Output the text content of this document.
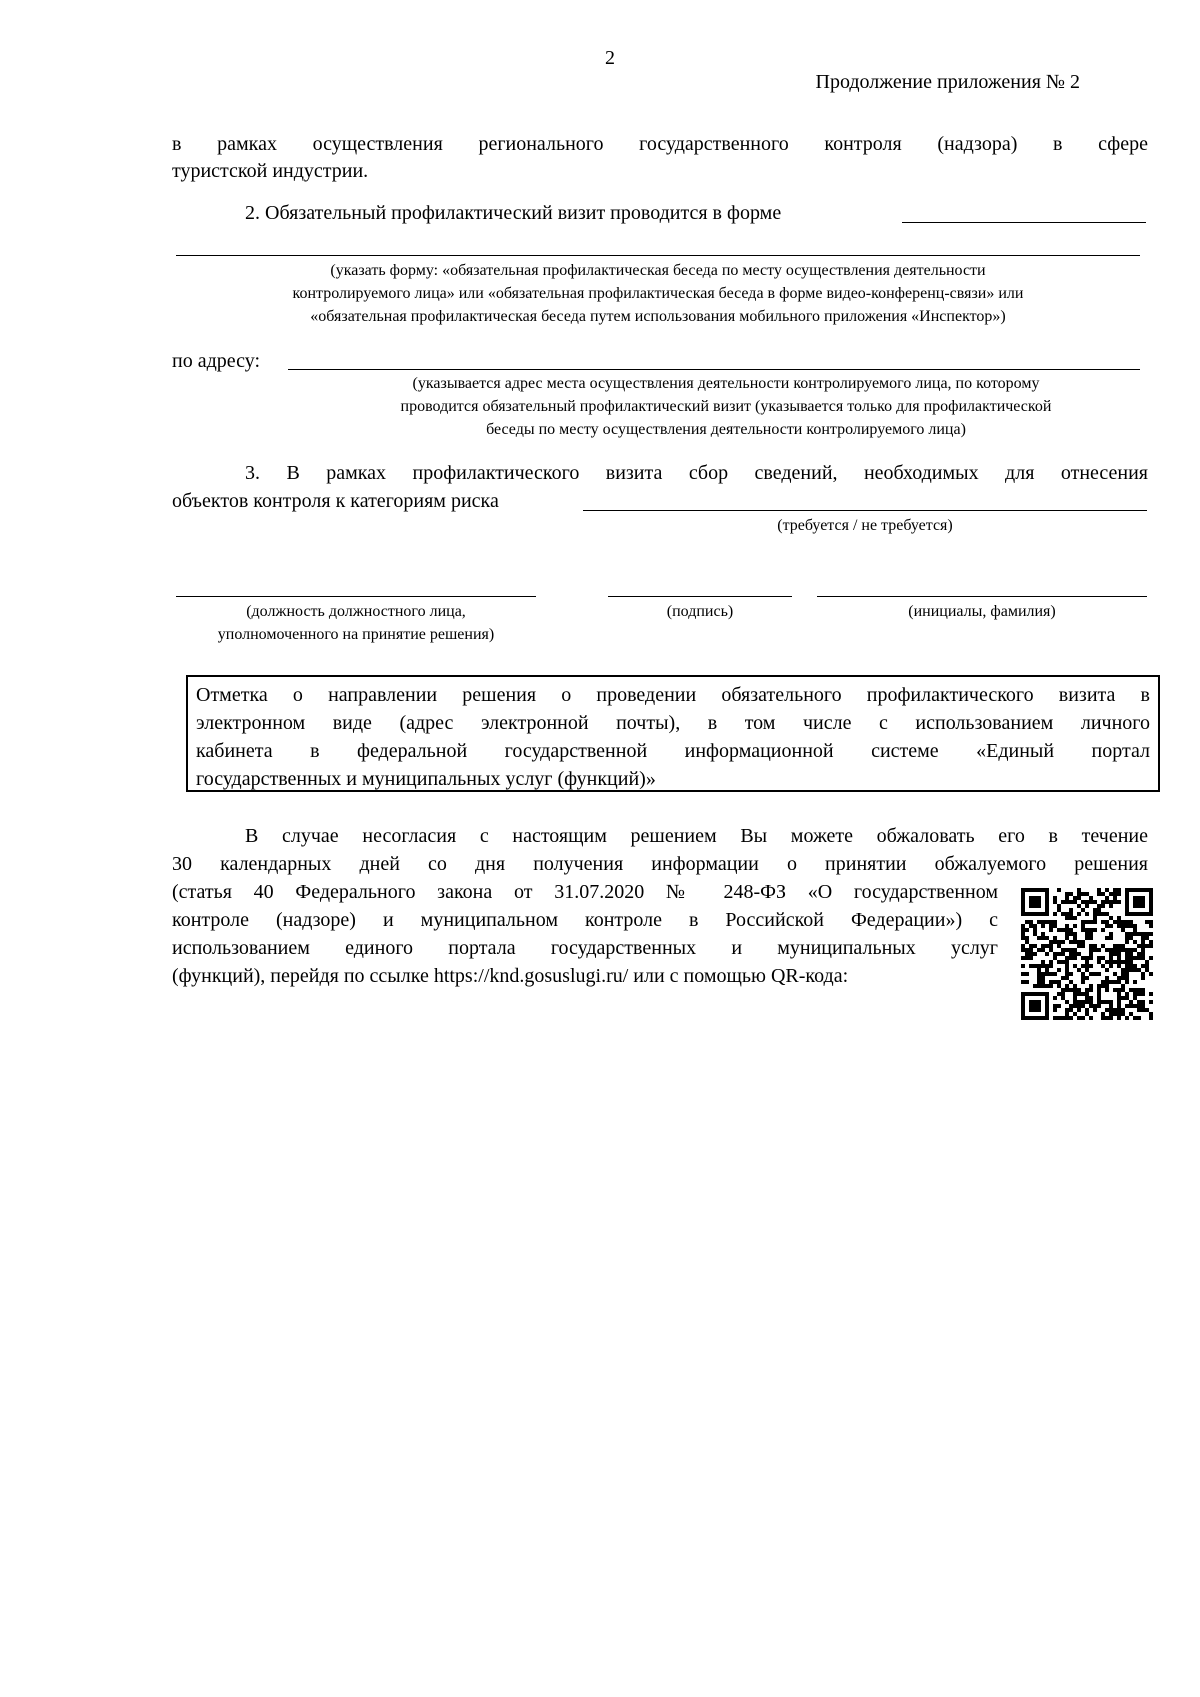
2
Продолжение приложения № 2
в рамках осуществления регионального государственного контроля (надзора) в сфере
туристской индустрии.
2. Обязательный профилактический визит проводится в форме
(указать форму: «обязательная профилактическая беседа по месту осуществления деятельности
контролируемого лица» или «обязательная профилактическая беседа в форме видео-конференц-связи» или
«обязательная профилактическая беседа путем использования мобильного приложения «Инспектор»)
по адресу:
(указывается адрес места осуществления деятельности контролируемого лица, по которому
проводится обязательный профилактический визит (указывается только для профилактической
беседы по месту осуществления деятельности контролируемого лица)
3. В рамках профилактического визита сбор сведений, необходимых для отнесения
объектов контроля к категориям риска
(требуется / не требуется)
(должность должностного лица,
уполномоченного на принятие решения)
(подпись)	(инициалы, фамилия)
Отметка о направлении решения о проведении обязательного профилактического визита в
электронном виде (адрес электронной почты), в том числе с использованием личного
кабинета в федеральной государственной информационной системе «Единый портал
государственных и муниципальных услуг (функций)»
В случае несогласия с настоящим решением Вы можете обжаловать его в течение
30 календарных дней со дня получения информации о принятии обжалуемого решения
(статья 40 Федерального закона от 31.07.2020 № 248-ФЗ «О государственном
контроле (надзоре) и муниципальном контроле в Российской Федерации») с
использованием единого портала государственных и муниципальных услуг
(функций), перейдя по ссылке https://knd.gosuslugi.ru/ или с помощью QR-кода:
